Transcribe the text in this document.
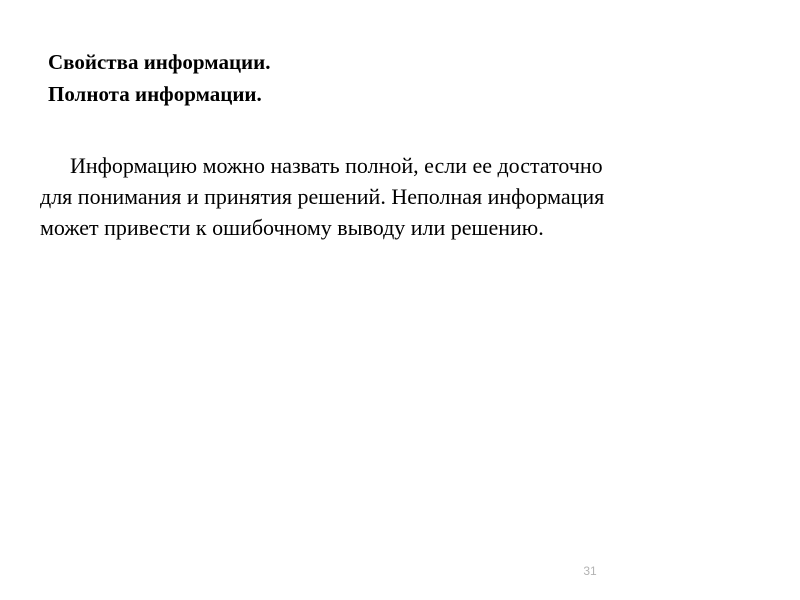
Свойства информации.
Полнота информации.

Информацию можно назвать полной, если ее достаточно
для понимания и принятия решений. Неполная информация
может привести к ошибочному выводу или решению.

31
